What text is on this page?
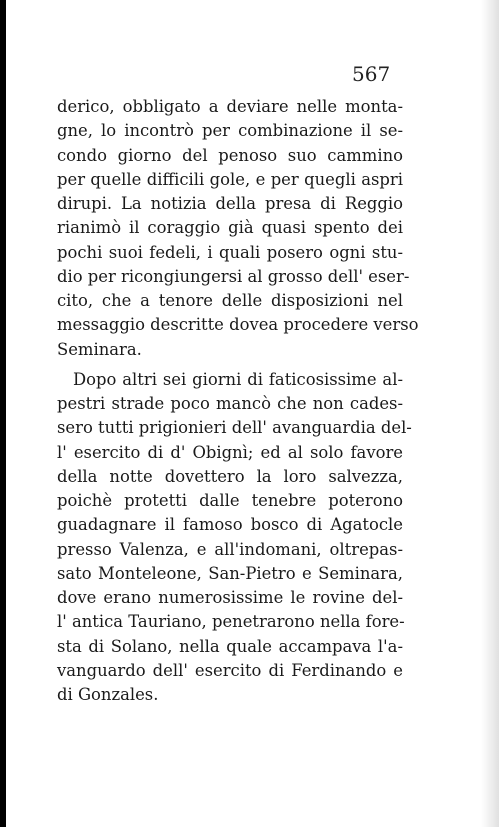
567
derico, obbligato a deviare nelle monta-
gne, lo incontrò per combinazione il se-
condo giorno del penoso suo cammino
per quelle difficili gole, e per quegli aspri
dirupi. La notizia della presa di Reggio
rianimò il coraggio già quasi spento dei
pochi suoi fedeli, i quali posero ogni stu-
dio per ricongiungersi al grosso dell' eser-
cito, che a tenore delle disposizioni nel
messaggio descritte dovea procedere verso
Seminara.
Dopo altri sei giorni di faticosissime al-
pestri strade poco mancò che non cades-
sero tutti prigionieri dell' avanguardia del-
l' esercito di d' Obignì; ed al solo favore
della notte dovettero la loro salvezza,
poichè protetti dalle tenebre poterono
guadagnare il famoso bosco di Agatocle
presso Valenza, e all'indomani, oltrepas-
sato Monteleone, San-Pietro e Seminara,
dove erano numerosissime le rovine del-
l' antica Tauriano, penetrarono nella fore-
sta di Solano, nella quale accampava l'a-
vanguardo dell' esercito di Ferdinando e
di Gonzales.
